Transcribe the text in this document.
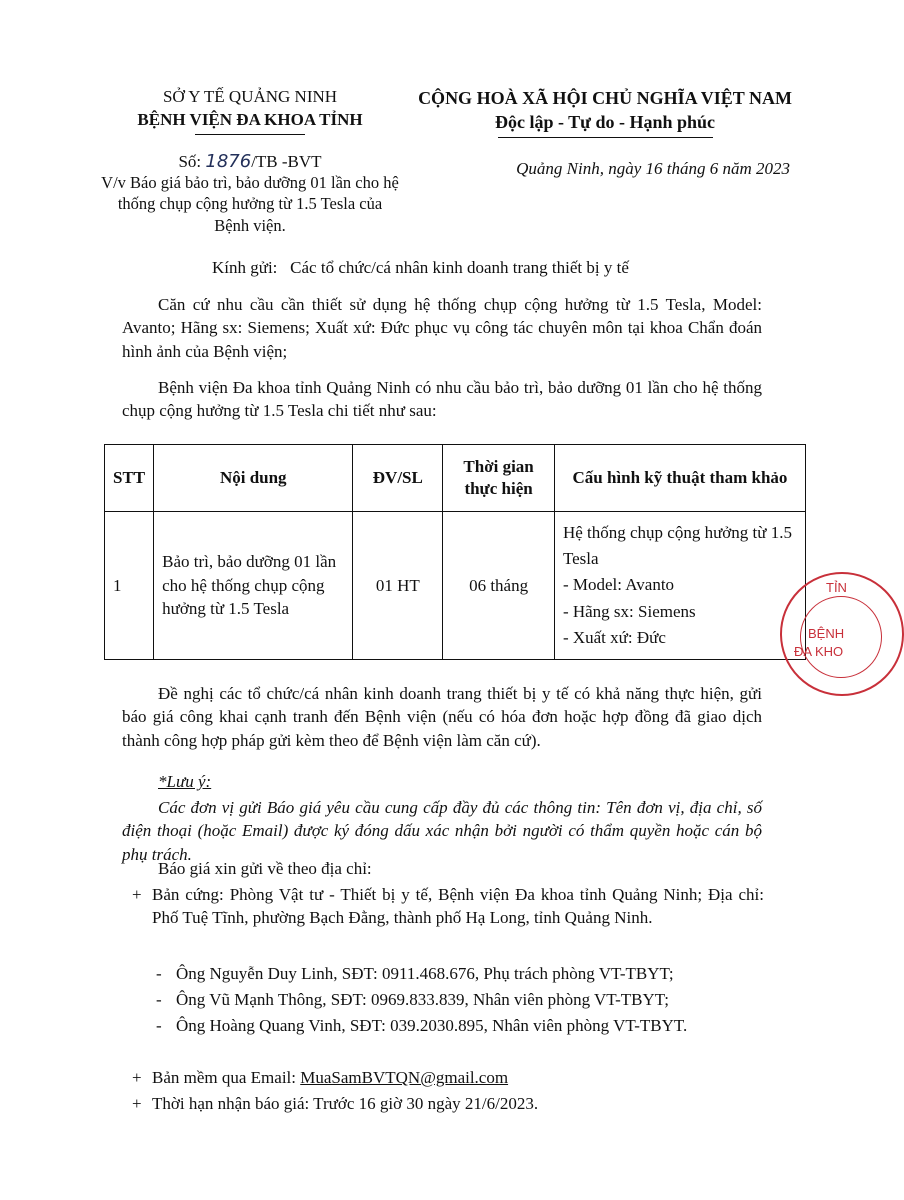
SỞ Y TẾ QUẢNG NINH
BỆNH VIỆN ĐA KHOA TỈNH
CỘNG HOÀ XÃ HỘI CHỦ NGHĨA VIỆT NAM
Độc lập - Tự do - Hạnh phúc
Số: 1876/TB -BVT	Quảng Ninh, ngày 16 tháng 6 năm 2023
V/v Báo giá bảo trì, bảo dưỡng 01 lần cho hệ thống chụp cộng hưởng từ 1.5 Tesla của Bệnh viện.
Kính gửi: Các tổ chức/cá nhân kinh doanh trang thiết bị y tế
Căn cứ nhu cầu cần thiết sử dụng hệ thống chụp cộng hưởng từ 1.5 Tesla, Model: Avanto; Hãng sx: Siemens; Xuất xứ: Đức phục vụ công tác chuyên môn tại khoa Chẩn đoán hình ảnh của Bệnh viện;
Bệnh viện Đa khoa tỉnh Quảng Ninh có nhu cầu bảo trì, bảo dưỡng 01 lần cho hệ thống chụp cộng hưởng từ 1.5 Tesla chi tiết như sau:
STT	Nội dung	ĐV/SL	Thời gian thực hiện	Cấu hình kỹ thuật tham khảo
1	Bảo trì, bảo dưỡng 01 lần cho hệ thống chụp cộng hưởng từ 1.5 Tesla	01 HT	06 tháng	Hệ thống chụp cộng hưởng từ 1.5 Tesla
- Model: Avanto
- Hãng sx: Siemens
- Xuất xứ: Đức
TỈN
BỆNH
ĐA KHO
Đề nghị các tổ chức/cá nhân kinh doanh trang thiết bị y tế có khả năng thực hiện, gửi báo giá công khai cạnh tranh đến Bệnh viện (nếu có hóa đơn hoặc hợp đồng đã giao dịch thành công hợp pháp gửi kèm theo để Bệnh viện làm căn cứ).
*Lưu ý:
Các đơn vị gửi Báo giá yêu cầu cung cấp đầy đủ các thông tin: Tên đơn vị, địa chỉ, số điện thoại (hoặc Email) được ký đóng dấu xác nhận bởi người có thẩm quyền hoặc cán bộ phụ trách.
Báo giá xin gửi về theo địa chỉ:
+ Bản cứng: Phòng Vật tư - Thiết bị y tế, Bệnh viện Đa khoa tỉnh Quảng Ninh; Địa chỉ: Phố Tuệ Tĩnh, phường Bạch Đằng, thành phố Hạ Long, tỉnh Quảng Ninh.
- Ông Nguyễn Duy Linh, SĐT: 0911.468.676, Phụ trách phòng VT-TBYT;
- Ông Vũ Mạnh Thông, SĐT: 0969.833.839, Nhân viên phòng VT-TBYT;
- Ông Hoàng Quang Vinh, SĐT: 039.2030.895, Nhân viên phòng VT-TBYT.
+ Bản mềm qua Email: MuaSamBVTQN@gmail.com
+ Thời hạn nhận báo giá: Trước 16 giờ 30 ngày 21/6/2023.
